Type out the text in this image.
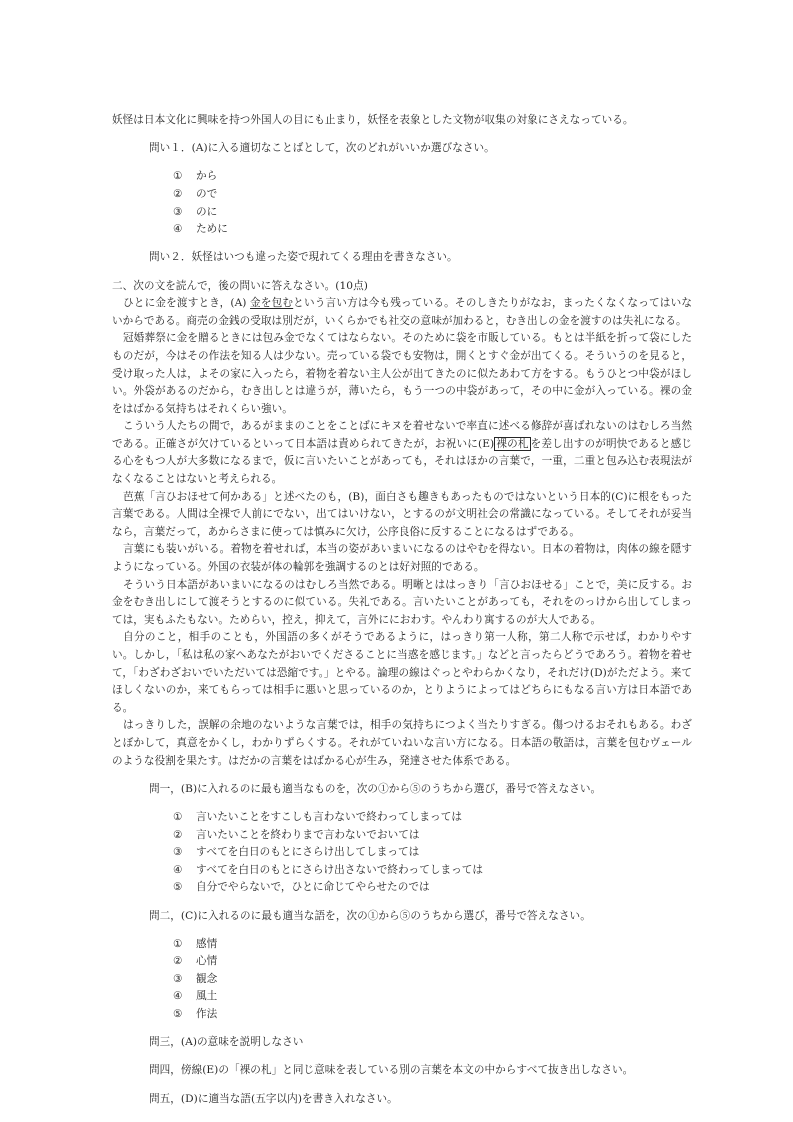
妖怪は日本文化に興味を持つ外国人の目にも止まり，妖怪を表象とした文物が収集の対象にさえなっている。

問い１．(A)に入る適切なことばとして，次のどれがいいか選びなさい。

① から
② ので
③ のに
④ ために

問い２．妖怪はいつも違った姿で現れてくる理由を書きなさい。

二、次の文を読んで，後の問いに答えなさい。(10点)

ひとに金を渡すとき，(A) 金を包むという言い方は今も残っている。そのしきたりがなお，まったくなくなってはいないからである。商売の金銭の受取は別だが，いくらかでも社交の意味が加わると，むき出しの金を渡すのは失礼になる。

冠婚葬祭に金を贈るときには包み金でなくてはならない。そのために袋を市販している。もとは半紙を折って袋にしたものだが，今はその作法を知る人は少ない。売っている袋でも安物は，開くとすぐ金が出てくる。そういうのを見ると，受け取った人は，よその家に入ったら，着物を着ない主人公が出てきたのに似たあわて方をする。もうひとつ中袋がほしい。外袋があるのだから，むき出しとは違うが，薄いたら，もう一つの中袋があって，その中に金が入っている。裸の金をはばかる気持ちはそれくらい強い。

こういう人たちの間で，あるがままのことをことばにキヌを着せないで率直に述べる修辞が喜ばれないのはむしろ当然である。正確さが欠けているといって日本語は責められてきたが，お祝いに(E) 裸の札 を差し出すのが明快であると感じる心をもつ人が大多数になるまで，仮に言いたいことがあっても，それはほかの言葉で，一重，二重と包み込む表現法がなくなることはないと考えられる。

芭蕉「言ひおほせて何かある」と述べたのも，(B)，面白さも趣きもあったものではないという日本的(C)に根をもった言葉である。人間は全裸で人前にでない，出てはいけない，とするのが文明社会の常識になっている。そしてそれが妥当なら，言葉だって，あからさまに使っては慎みに欠け，公序良俗に反することになるはずである。

言葉にも装いがいる。着物を着せれば，本当の姿があいまいになるのはやむを得ない。日本の着物は，肉体の線を隠すようになっている。外国の衣装が体の輪郭を強調するのとは好対照的である。

そういう日本語があいまいになるのはむしろ当然である。明晰とははっきり「言ひおほせる」ことで，美に反する。お金をむき出しにして渡そうとするのに似ている。失礼である。言いたいことがあっても，それをのっけから出してしまっては，実もふたもない。ためらい，控え，抑えて，言外ににおわす。やんわり寓するのが大人である。

自分のこと，相手のことも，外国語の多くがそうであるように，はっきり第一人称，第二人称で示せば，わかりやすい。しかし，「私は私の家へあなたがおいでくださることに当惑を感じます。」などと言ったらどうであろう。着物を着せて，「わざわざおいでいただいては恐縮です。」とやる。論理の線はぐっとやわらかくなり，それだけ(D)がただよう。来てほしくないのか，来てもらっては相手に悪いと思っているのか，とりようによってはどちらにもなる言い方は日本語である。

はっきりした，誤解の余地のないような言葉では，相手の気持ちにつよく当たりすぎる。傷つけるおそれもある。わざとぼかして，真意をかくし，わかりずらくする。それがていねいな言い方になる。日本語の敬語は，言葉を包むヴェールのような役割を果たす。はだかの言葉をはばかる心が生み，発達させた体系である。

問一，(B)に入れるのに最も適当なものを，次の①から⑤のうちから選び，番号で答えなさい。

① 言いたいことをすこしも言わないで終わってしまっては
② 言いたいことを終わりまで言わないでおいては
③ すべてを白日のもとにさらけ出してしまっては
④ すべてを白日のもとにさらけ出さないで終わってしまっては
⑤ 自分でやらないで，ひとに命じてやらせたのでは

問二，(C)に入れるのに最も適当な語を，次の①から⑤のうちから選び，番号で答えなさい。

① 感情
② 心情
③ 観念
④ 風土
⑤ 作法

問三，(A)の意味を説明しなさい

問四，傍線(E)の「裸の札」と同じ意味を表している別の言葉を本文の中からすべて抜き出しなさい。

問五，(D)に適当な語(五字以内)を書き入れなさい。
